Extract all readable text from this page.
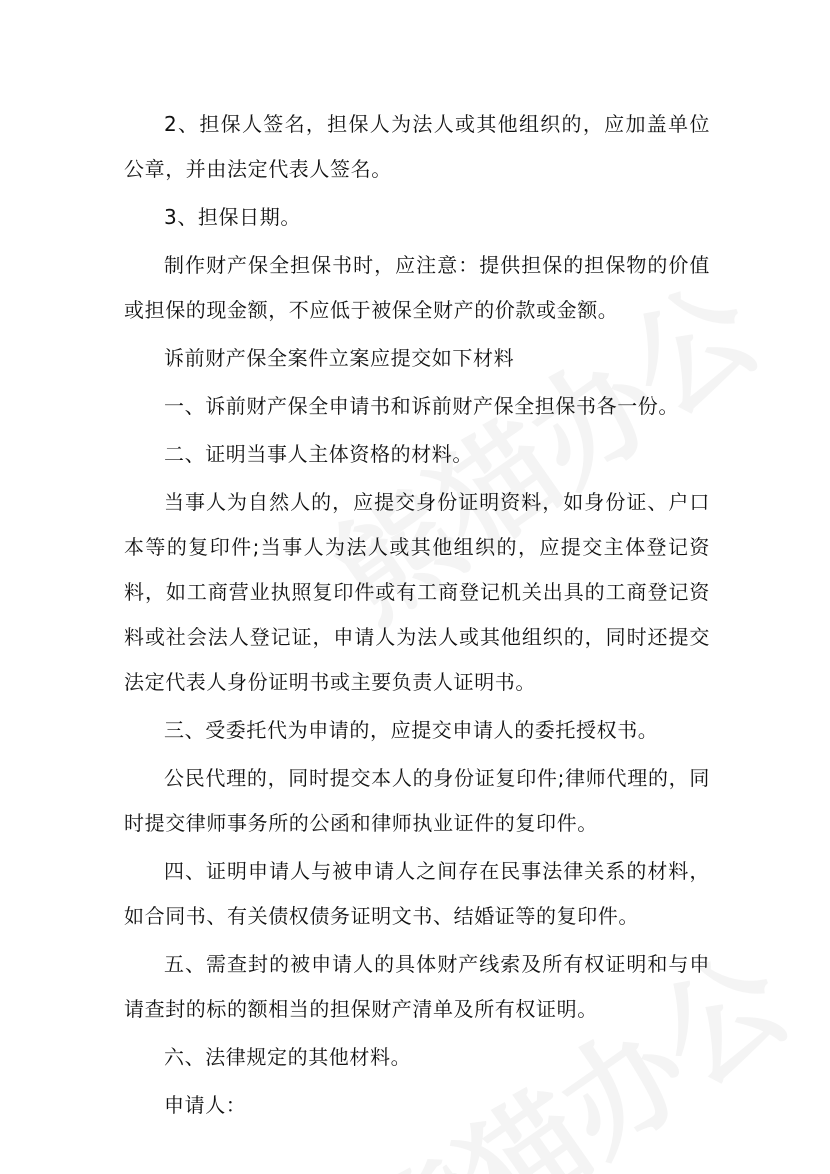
2、担保人签名，担保人为法人或其他组织的，应加盖单位公章，并由法定代表人签名。

3、担保日期。

制作财产保全担保书时，应注意：提供担保的担保物的价值或担保的现金额，不应低于被保全财产的价款或金额。

诉前财产保全案件立案应提交如下材料

一、诉前财产保全申请书和诉前财产保全担保书各一份。

二、证明当事人主体资格的材料。

当事人为自然人的，应提交身份证明资料，如身份证、户口本等的复印件;当事人为法人或其他组织的，应提交主体登记资料，如工商营业执照复印件或有工商登记机关出具的工商登记资料或社会法人登记证，申请人为法人或其他组织的，同时还提交法定代表人身份证明书或主要负责人证明书。

三、受委托代为申请的，应提交申请人的委托授权书。

公民代理的，同时提交本人的身份证复印件;律师代理的，同时提交律师事务所的公函和律师执业证件的复印件。

四、证明申请人与被申请人之间存在民事法律关系的材料，如合同书、有关债权债务证明文书、结婚证等的复印件。

五、需查封的被申请人的具体财产线索及所有权证明和与申请查封的标的额相当的担保财产清单及所有权证明。

六、法律规定的其他材料。

申请人：
